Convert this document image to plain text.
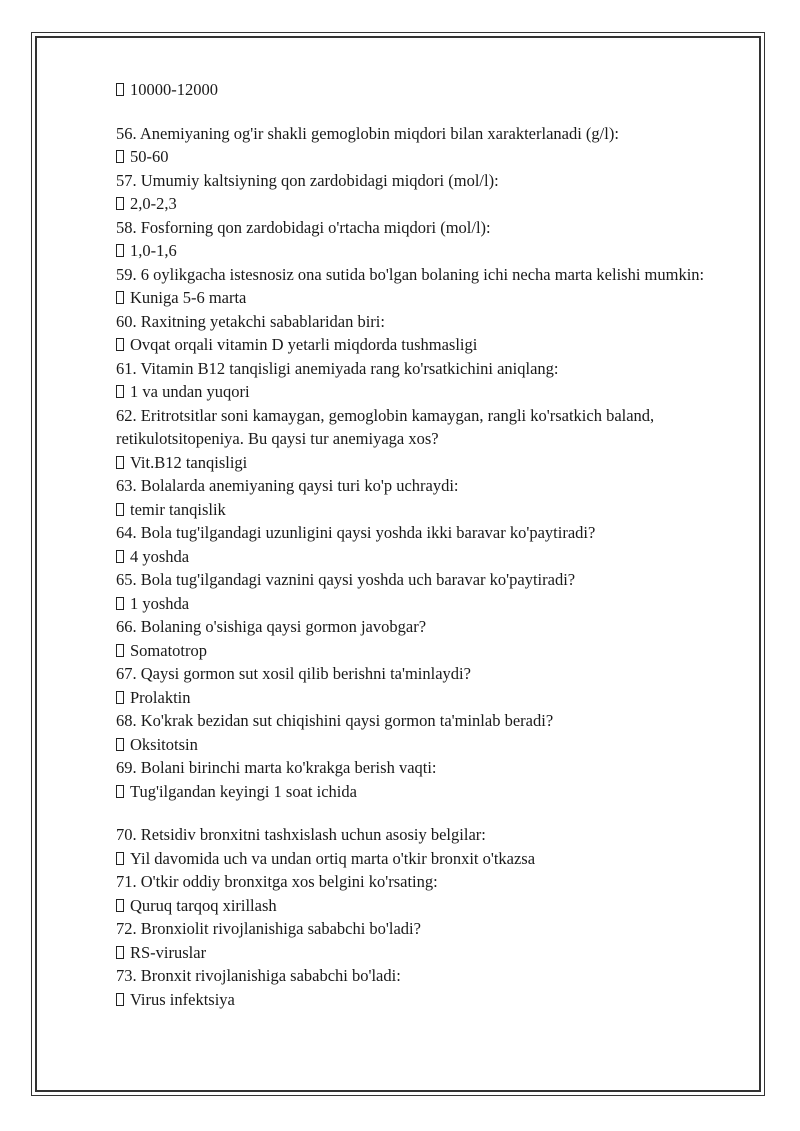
10000-12000
56. Anemiyaning og'ir shakli gemoglobin miqdori bilan xarakterlanadi (g/l):
50-60
57. Umumiy kaltsiyning qon zardobidagi miqdori (mol/l):
2,0-2,3
58. Fosforning qon zardobidagi o'rtacha miqdori (mol/l):
1,0-1,6
59. 6 oylikgacha istesnosiz ona sutida bo'lgan bolaning ichi necha marta kelishi mumkin:
Kuniga 5-6 marta
60. Raxitning yetakchi sabablaridan biri:
Ovqat orqali vitamin D yetarli miqdorda tushmasligi
61. Vitamin B12 tanqisligi anemiyada rang ko'rsatkichini aniqlang:
1 va undan yuqori
62. Eritrotsitlar soni kamaygan, gemoglobin kamaygan, rangli ko'rsatkich baland, retikulotsitopeniya. Bu qaysi tur anemiyaga xos?
Vit.B12 tanqisligi
63. Bolalarda anemiyaning qaysi turi ko'p uchraydi:
temir tanqislik
64. Bola tug'ilgandagi uzunligini qaysi yoshda ikki baravar ko'paytiradi?
4 yoshda
65. Bola tug'ilgandagi vaznini qaysi yoshda uch baravar ko'paytiradi?
1 yoshda
66. Bolaning o'sishiga qaysi gormon javobgar?
Somatotrop
67. Qaysi gormon sut xosil qilib berishni ta'minlaydi?
Prolaktin
68. Ko'krak bezidan sut chiqishini qaysi gormon ta'minlab beradi?
Oksitotsin
69. Bolani birinchi marta ko'krakga berish vaqti:
Tug'ilgandan keyingi 1 soat ichida
70. Retsidiv bronxitni tashxislash uchun asosiy belgilar:
Yil davomida uch va undan ortiq marta o'tkir bronxit o'tkazsa
71. O'tkir oddiy bronxitga xos belgini ko'rsating:
Quruq tarqoq xirillash
72. Bronxiolit rivojlanishiga sababchi bo'ladi?
RS-viruslar
73. Bronxit rivojlanishiga sababchi bo'ladi:
Virus infektsiya
